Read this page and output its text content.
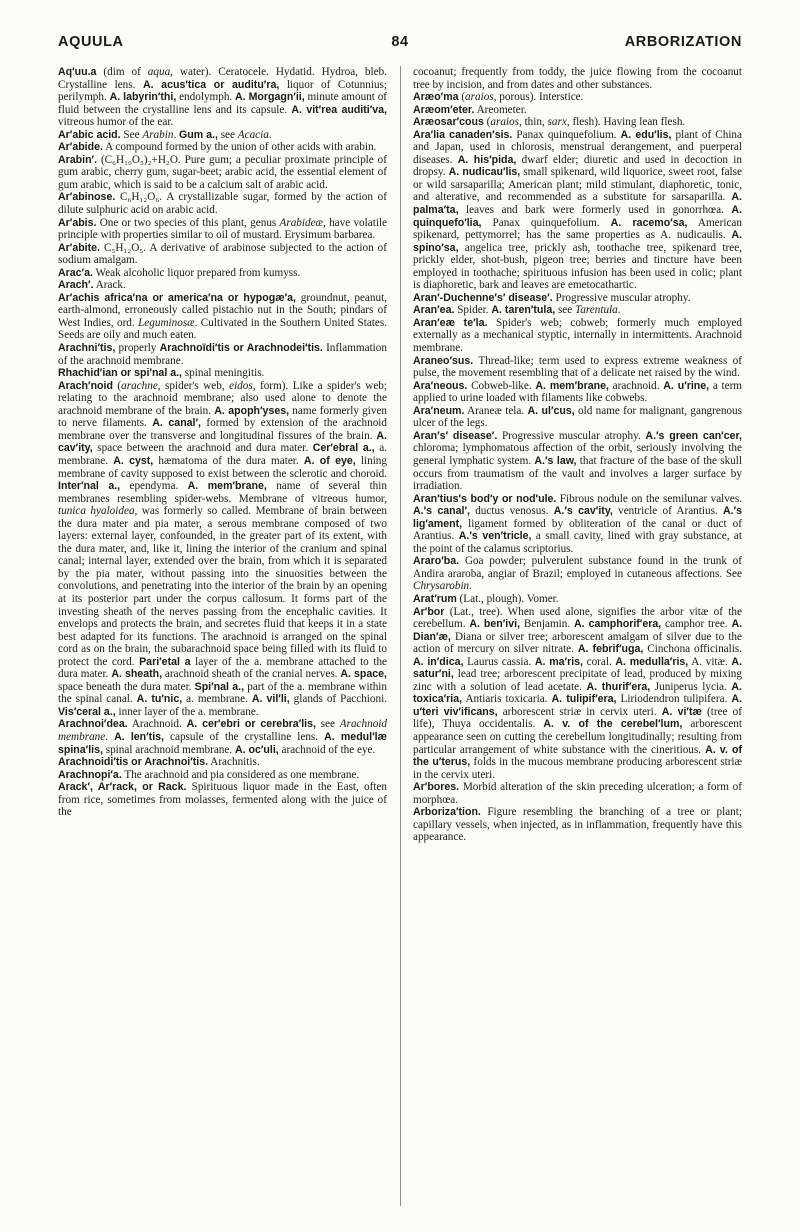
AQUULA	84	ARBORIZATION

Aq′uu.a (dim of aqua, water). Ceratocele. Hydatid. Hydroa, bleb. Crystalline lens. A. acus′tica or auditu′ra, liquor of Cotunnius; perilymph. A. labyrin′thi, endolymph. A. Morgagn′ii, minute amount of fluid between the crystalline lens and its capsule. A. vit′rea auditi′va, vitreous humor of the ear.

Ar′abic acid. See Arabin. Gum a., see Acacia.

Ar′abide. A compound formed by the union of other acids with arabin.

Arabin′. (C₆H₁₀O₅)₂+H₂O. Pure gum; a peculiar proximate principle of gum arabic, cherry gum, sugar-beet; arabic acid, the essential element of gum arabic, which is said to be a calcium salt of arabic acid.

Ar′abinose. C₆H₁₂O₆. A crystallizable sugar, formed by the action of dilute sulphuric acid on arabic acid.

Ar′abis. One or two species of this plant, genus Arabideæ, have volatile principle with properties similar to oil of mustard. Erysimum barbarea.

Ar′abite. C₅H₁₂O₅. A derivative of arabinose subjected to the action of sodium amalgam.

Arac′a. Weak alcoholic liquor prepared from kumyss.

Arach′. Arack.

Ar′achis africa′na or america′na or hypogæ′a, groundnut, peanut, earth-almond, erroneously called pistachio nut in the South; pindars of West Indies, ord. Leguminosæ. Cultivated in the Southern United States. Seeds are oily and much eaten.

Arachni′tis, properly Arachnoïdi′tis or Arachnodei′tis. Inflammation of the arachnoid membrane.

Rhachid′ian or spi′nal a., spinal meningitis.

Arach′noid (arachne, spider's web, eidos, form). Like a spider's web; relating to the arachnoid membrane; also used alone to denote the arachnoid membrane of the brain. A. apoph′yses, name formerly given to nerve filaments. A. canal′, formed by extension of the arachnoid membrane over the transverse and longitudinal fissures of the brain. A. cav′ity, space between the arachnoid and dura mater. Cer′ebral a., a. membrane. A. cyst, hæmatoma of the dura mater. A. of eye, lining membrane of cavity supposed to exist between the sclerotic and choroid. Inter′nal a., ependyma. A. mem′brane, name of several thin membranes resembling spider-webs. Membrane of vitreous humor, tunica hyaloidea, was formerly so called. Membrane of brain between the dura mater and pia mater, a serous membrane composed of two layers: external layer, confounded, in the greater part of its extent, with the dura mater, and, like it, lining the interior of the cranium and spinal canal; internal layer, extended over the brain, from which it is separated by the pia mater, without passing into the sinuosities between the convolutions, and penetrating into the interior of the brain by an opening at its posterior part under the corpus callosum. It forms part of the investing sheath of the nerves passing from the encephalic cavities. It envelops and protects the brain, and secretes fluid that keeps it in a state best adapted for its functions. The arachnoid is arranged on the spinal cord as on the brain, the subarachnoid space being filled with its fluid to protect the cord. Pari′etal a layer of the a. membrane attached to the dura mater. A. sheath, arachnoid sheath of the cranial nerves. A. space, space beneath the dura mater. Spi′nal a., part of the a. membrane within the spinal canal. A. tu′nic, a. membrane. A. vil′li, glands of Pacchioni. Vis′ceral a., inner layer of the a. membrane.

Arachnoi′dea. Arachnoid. A. cer′ebri or cerebra′lis, see Arachnoid membrane. A. len′tis, capsule of the crystalline lens. A. medul′læ spina′lis, spinal arachnoid membrane. A. oc′uli, arachnoid of the eye.

Arachnoidi′tis or Arachnoi′tis. Arachnitis.

Arachnopi′a. The arachnoid and pia considered as one membrane.

Arack′, Ar′rack, or Rack. Spirituous liquor made in the East, often from rice, sometimes from molasses, fermented along with the juice of the

cocoanut; frequently from toddy, the juice flowing from the cocoanut tree by incision, and from dates and other substances.

Aræo′ma (araios, porous). Interstice.

Aræom′eter. Areometer.

Aræosar′cous (araios, thin, sarx, flesh). Having lean flesh.

Ara′lia canaden′sis. Panax quinquefolium. A. edu′lis, plant of China and Japan, used in chlorosis, menstrual derangement, and puerperal diseases. A. his′pida, dwarf elder; diuretic and used in decoction in dropsy. A. nudicau′lis, small spikenard, wild liquorice, sweet root, false or wild sarsaparilla; American plant; mild stimulant, diaphoretic, tonic, and alterative, and recommended as a substitute for sarsaparilla. A. palma′ta, leaves and bark were formerly used in gonorrhœa. A. quinquefo′lia, Panax quinquefolium. A. racemo′sa, American spikenard, pettymorrel; has the same properties as A. nudicaulis. A. spino′sa, angelica tree, prickly ash, toothache tree, spikenard tree, prickly elder, shot-bush, pigeon tree; berries and tincture have been employed in toothache; spirituous infusion has been used in colic; plant is diaphoretic, bark and leaves are emetocathartic.

Aran′-Duchenne′s′ disease′. Progressive muscular atrophy.

Aran′ea. Spider. A. taren′tula, see Tarentula.

Aran′eæ te′la. Spider's web; cobweb; formerly much employed externally as a mechanical styptic, internally in intermittents. Arachnoid membrane.

Araneo′sus. Thread-like; term used to express extreme weakness of pulse, the movement resembling that of a delicate net raised by the wind.

Ara′neous. Cobweb-like. A. mem′brane, arachnoid. A. u′rine, a term applied to urine loaded with filaments like cobwebs.

Ara′neum. Araneæ tela. A. ul′cus, old name for malignant, gangrenous ulcer of the legs.

Aran′s′ disease′. Progressive muscular atrophy. A.′s green can′cer, chloroma; lymphomatous affection of the orbit, seriously involving the general lymphatic system. A.′s law, that fracture of the base of the skull occurs from traumatism of the vault and involves a larger surface by irradiation.

Aran′tius′s bod′y or nod′ule. Fibrous nodule on the semilunar valves. A.′s canal′, ductus venosus. A.′s cav′ity, ventricle of Arantius. A.′s lig′ament, ligament formed by obliteration of the canal or duct of Arantius. A.′s ven′tricle, a small cavity, lined with gray substance, at the point of the calamus scriptorius.

Araro′ba. Goa powder; pulverulent substance found in the trunk of Andira araroba, angiar of Brazil; employed in cutaneous affections. See Chrysarobin.

Arat′rum (Lat., plough). Vomer.

Ar′bor (Lat., tree). When used alone, signifies the arbor vitæ of the cerebellum. A. ben′ivi, Benjamin. A. camphorif′era, camphor tree. A. Dian′æ, Diana or silver tree; arborescent amalgam of silver due to the action of mercury on silver nitrate. A. febrif′uga, Cinchona officinalis. A. in′dica, Laurus cassia. A. ma′ris, coral. A. medulla′ris, A. vitæ. A. satur′ni, lead tree; arborescent precipitate of lead, produced by mixing zinc with a solution of lead acetate. A. thurif′era, Juniperus lycia. A. toxica′ria, Antiaris toxicaria. A. tulipif′era, Liriodendron tulipifera. A. u′teri viv′ificans, arborescent striæ in cervix uteri. A. vi′tæ (tree of life), Thuya occidentalis. A. v. of the cerebel′lum, arborescent appearance seen on cutting the cerebellum longitudinally; resulting from particular arrangement of white substance with the cineritious. A. v. of the u′terus, folds in the mucous membrane producing arborescent striæ in the cervix uteri.

Ar′bores. Morbid alteration of the skin preceding ulceration; a form of morphœa.

Arboriza′tion. Figure resembling the branching of a tree or plant; capillary vessels, when injected, as in inflammation, frequently have this appearance.
